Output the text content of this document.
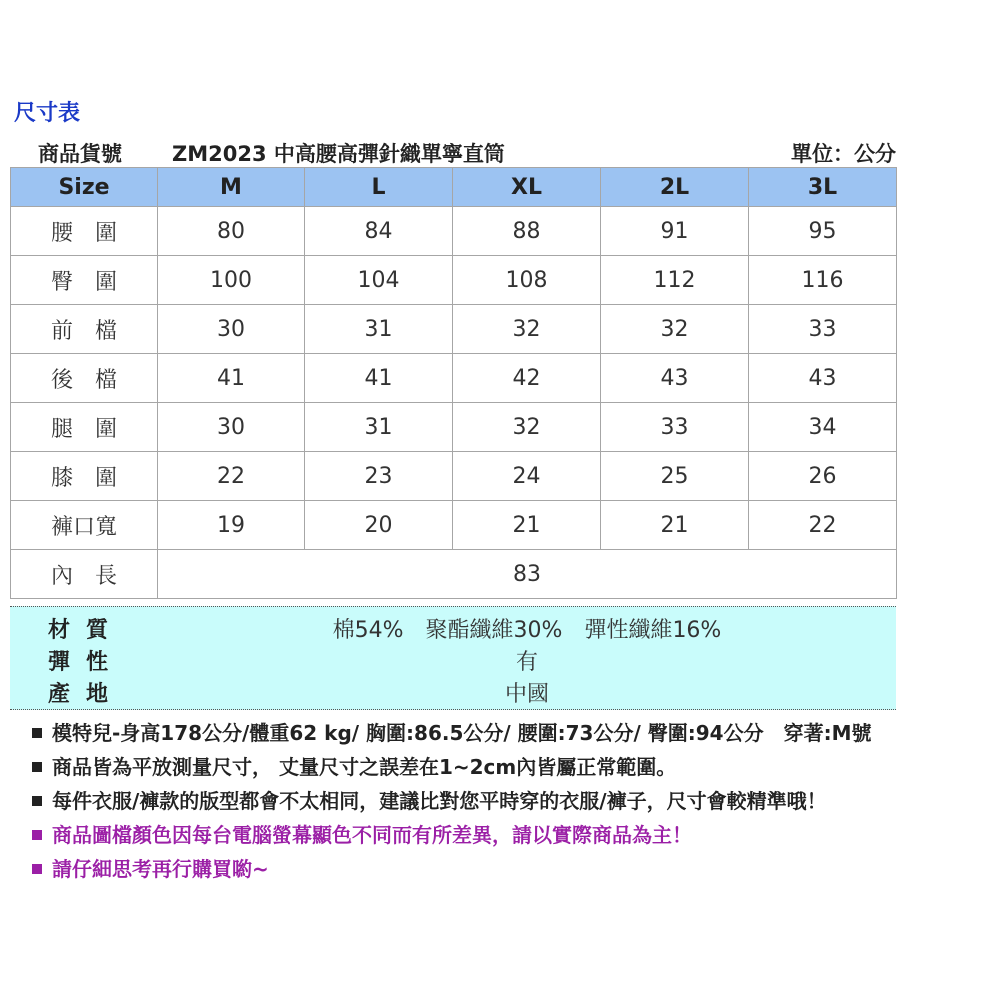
尺寸表
商品貨號 ZM2023 中高腰高彈針織單寧直筒	單位：公分
Size	M	L	XL	2L	3L
腰　圍	80	84	88	91	95
臀　圍	100	104	108	112	116
前　檔	30	31	32	32	33
後　檔	41	41	42	43	43
腿　圍	30	31	32	33	34
膝　圍	22	23	24	25	26
褲口寬	19	20	21	21	22
內　長	83				
材質	棉54%　聚酯纖維30%　彈性纖維16%
彈性	有
產地	中國
模特兒-身高178公分/體重62 kg/ 胸圍:86.5公分/ 腰圍:73公分/ 臀圍:94公分　穿著:M號
商品皆為平放測量尺寸， 丈量尺寸之誤差在1~2cm內皆屬正常範圍。
每件衣服/褲款的版型都會不太相同，建議比對您平時穿的衣服/褲子，尺寸會較精準哦！
商品圖檔顏色因每台電腦螢幕顯色不同而有所差異，請以實際商品為主！
請仔細思考再行購買喲~
